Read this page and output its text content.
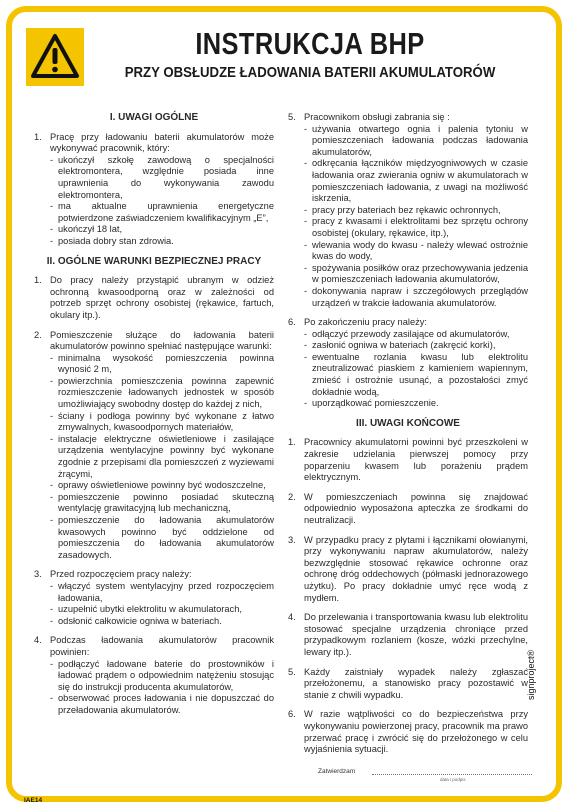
INSTRUKCJA BHP
PRZY OBSŁUDZE ŁADOWANIA BATERII AKUMULATORÓW
I. UWAGI OGÓLNE
1. Pracę przy ładowaniu baterii akumulatorów może wykonywać pracownik, który:
- ukończył szkołę zawodową o specjalności elektromontera, względnie posiada inne uprawnienia do wykonywania zawodu elektromontera,
- ma aktualne uprawnienia energetyczne potwierdzone zaświadczeniem kwalifikacyjnym „E”,
- ukończył 18 lat,
- posiada dobry stan zdrowia.
II. OGÓLNE WARUNKI BEZPIECZNEJ PRACY
1. Do pracy należy przystąpić ubranym w odzież ochronną kwasoodporną oraz w zależności od potrzeb sprzęt ochrony osobistej (rękawice, fartuch, okulary itp.).
2. Pomieszczenie służące do ładowania baterii akumulatorów powinno spełniać następujące warunki:
- minimalna wysokość pomieszczenia powinna wynosić 2 m,
- powierzchnia pomieszczenia powinna zapewnić rozmieszczenie ładowanych jednostek w sposób umożliwiający swobodny dostęp do każdej z nich,
- ściany i podłoga powinny być wykonane z łatwo zmywalnych, kwasoodpornych materiałów,
- instalacje elektryczne oświetleniowe i zasilające urządzenia wentylacyjne powinny być wykonane zgodnie z przepisami dla pomieszczeń z wyziewami żrącymi,
- oprawy oświetleniowe powinny być wodoszczelne,
- pomieszczenie powinno posiadać skuteczną wentylację grawitacyjną lub mechaniczną,
- pomieszczenie do ładowania akumulatorów kwasowych powinno być oddzielone od pomieszczenia do ładowania akumulatorów zasadowych.
3. Przed rozpoczęciem pracy należy:
- włączyć system wentylacyjny przed rozpoczęciem ładowania,
- uzupełnić ubytki elektrolitu w akumulatorach,
- odsłonić całkowicie ogniwa w bateriach.
4. Podczas ładowania akumulatorów pracownik powinien:
- podłączyć ładowane baterie do prostowników i ładować prądem o odpowiednim natężeniu stosując się do instrukcji producenta akumulatorów,
- obserwować proces ładowania i nie dopuszczać do przeładowania akumulatorów.
5. Pracownikom obsługi zabrania się :
- używania otwartego ognia i palenia tytoniu w pomieszczeniach ładowania podczas ładowania akumulatorów,
- odkręcania łączników międzyogniwowych w czasie ładowania oraz zwierania ogniw w akumulatorach w pomieszczeniach ładowania, z uwagi na możliwość iskrzenia,
- pracy przy bateriach bez rękawic ochronnych,
- pracy z kwasami i elektrolitami bez sprzętu ochrony osobistej (okulary, rękawice, itp.),
- wlewania wody do kwasu - należy wlewać ostrożnie kwas do wody,
- spożywania posiłków oraz przechowywania jedzenia w pomieszczeniach ładowania akumulatorów,
- dokonywania napraw i szczegółowych przeglądów urządzeń w trakcie ładowania akumulatorów.
6. Po zakończeniu pracy należy:
- odłączyć przewody zasilające od akumulatorów,
- zasłonić ogniwa w bateriach (zakręcić korki),
- ewentualne rozlania kwasu lub elektrolitu zneutralizować piaskiem z kamieniem wapiennym, zmieść i ostrożnie usunąć, a pozostałości zmyć dokładnie wodą,
- uporządkować pomieszczenie.
III. UWAGI KOŃCOWE
1. Pracownicy akumulatorni powinni być przeszkoleni w zakresie udzielania pierwszej pomocy przy poparzeniu kwasem lub porażeniu prądem elektrycznym.
2. W pomieszczeniach powinna się znajdować odpowiednio wyposażona apteczka ze środkami do neutralizacji.
3. W przypadku pracy z płytami i łącznikami ołowianymi, przy wykonywaniu napraw akumulatorów, należy bezwzględnie stosować rękawice ochronne oraz ochronę dróg oddechowych (półmaski jednorazowego użytku). Po pracy dokładnie umyć ręce wodą z mydłem.
4. Do przelewania i transportowania kwasu lub elektrolitu stosować specjalne urządzenia chroniące przed przypadkowym rozlaniem (kosze, wózki przechylne, lewary itp.).
5. Każdy zaistniały wypadek należy zgłaszać przełożonemu, a stanowisko pracy pozostawić w stanie z chwili wypadku.
6. W razie wątpliwości co do bezpieczeństwa przy wykonywaniu powierzonej pracy, pracownik ma prawo przerwać pracę i zwrócić się do przełożonego w celu wyjaśnienia sytuacji.
Zatwierdzam
data i podpis
signproject®
IAE14
